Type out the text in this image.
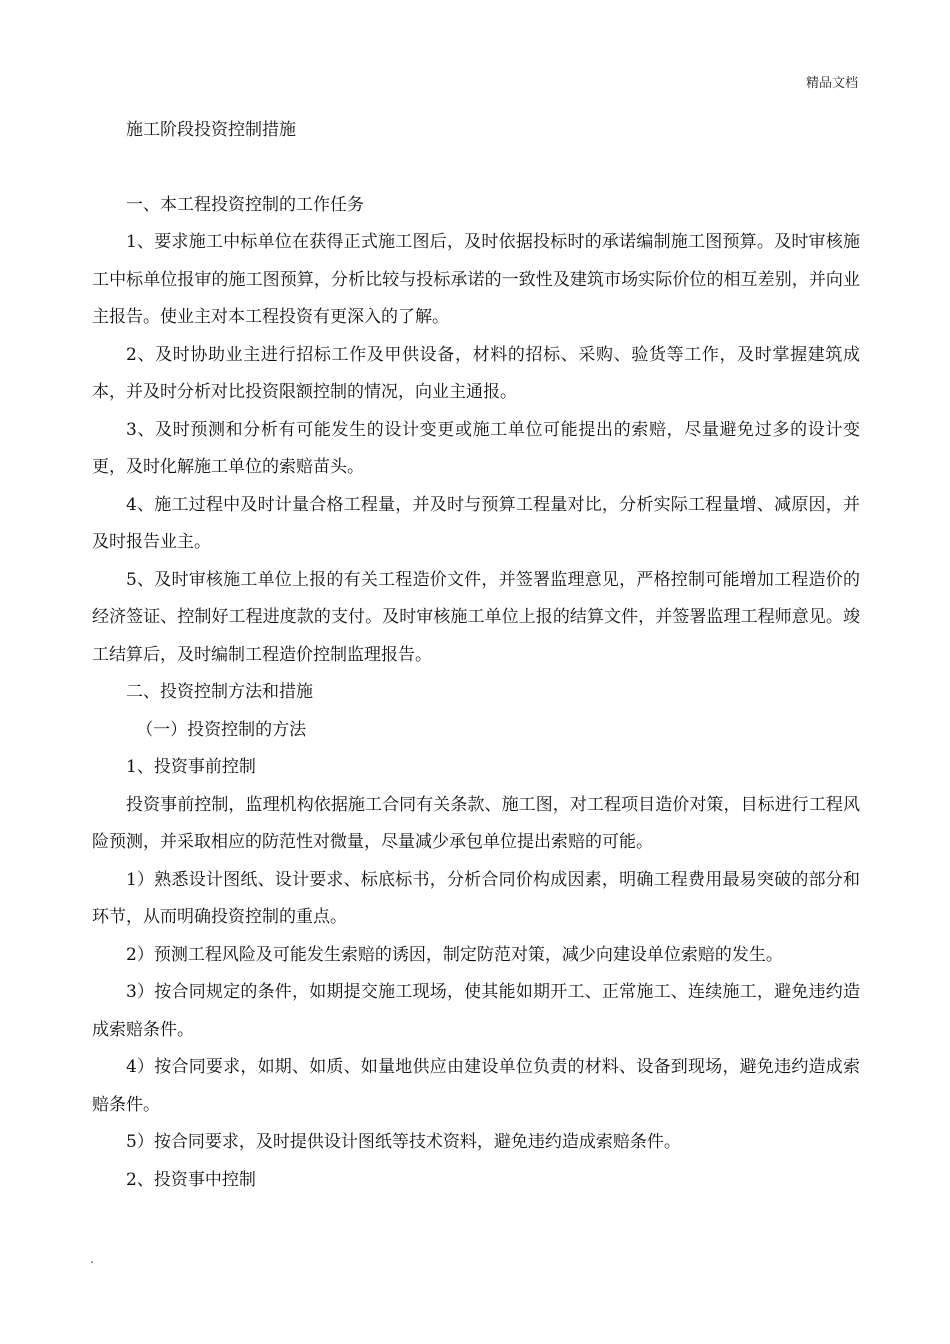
精品文档

施工阶段投资控制措施

一、本工程投资控制的工作任务

1、要求施工中标单位在获得正式施工图后，及时依据投标时的承诺编制施工图预算。及时审核施工中标单位报审的施工图预算，分析比较与投标承诺的一致性及建筑市场实际价位的相互差别，并向业主报告。使业主对本工程投资有更深入的了解。

2、及时协助业主进行招标工作及甲供设备，材料的招标、采购、验货等工作，及时掌握建筑成本，并及时分析对比投资限额控制的情况，向业主通报。

3、及时预测和分析有可能发生的设计变更或施工单位可能提出的索赔，尽量避免过多的设计变更，及时化解施工单位的索赔苗头。

4、施工过程中及时计量合格工程量，并及时与预算工程量对比，分析实际工程量增、减原因，并及时报告业主。

5、及时审核施工单位上报的有关工程造价文件，并签署监理意见，严格控制可能增加工程造价的经济签证、控制好工程进度款的支付。及时审核施工单位上报的结算文件，并签署监理工程师意见。竣工结算后，及时编制工程造价控制监理报告。

二、投资控制方法和措施

（一）投资控制的方法

1、投资事前控制

投资事前控制，监理机构依据施工合同有关条款、施工图，对工程项目造价对策，目标进行工程风险预测，并采取相应的防范性对微量，尽量减少承包单位提出索赔的可能。

1）熟悉设计图纸、设计要求、标底标书，分析合同价构成因素，明确工程费用最易突破的部分和环节，从而明确投资控制的重点。

2）预测工程风险及可能发生索赔的诱因，制定防范对策，减少向建设单位索赔的发生。

3）按合同规定的条件，如期提交施工现场，使其能如期开工、正常施工、连续施工，避免违约造成索赔条件。

4）按合同要求，如期、如质、如量地供应由建设单位负责的材料、设备到现场，避免违约造成索赔条件。

5）按合同要求，及时提供设计图纸等技术资料，避免违约造成索赔条件。

2、投资事中控制

.
